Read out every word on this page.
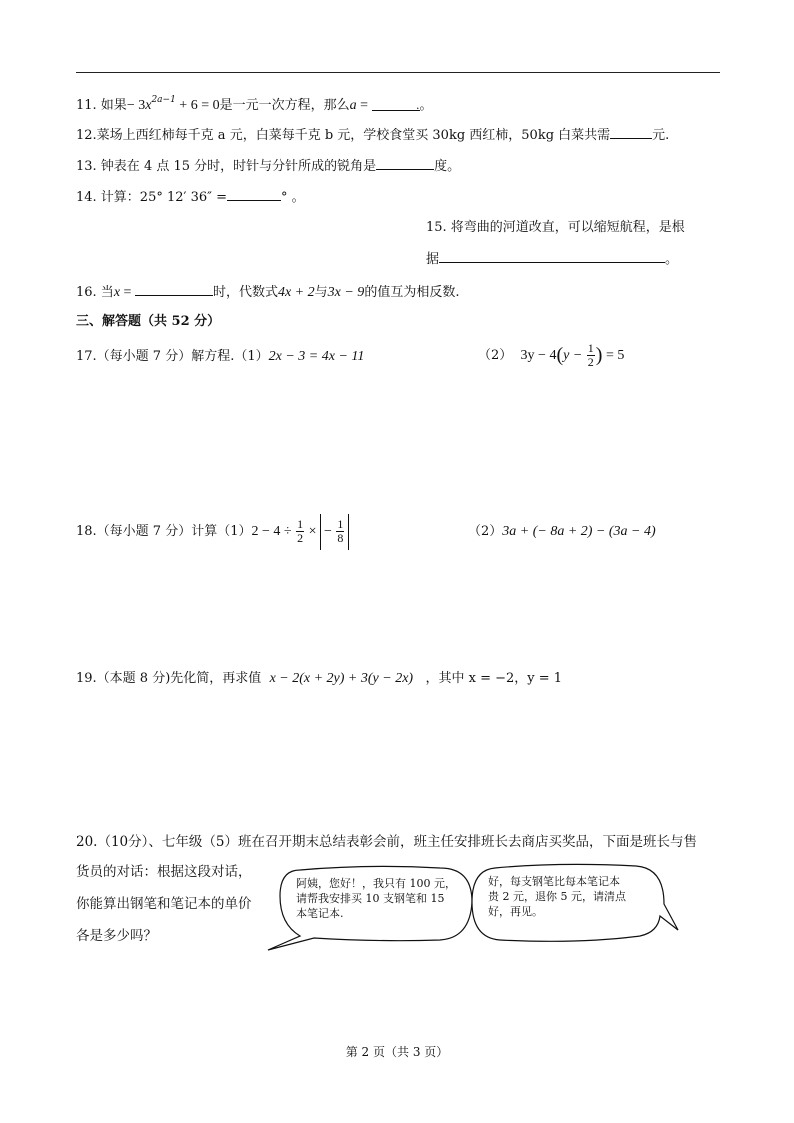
11. 如果− $3x^{2a-1} + 6 = 0$是一元一次方程，那么a =	.。
12.菜场上西红柿每千克 a 元，白菜每千克 b 元，学校食堂买 30kg 西红柿，50kg 白菜共需	元.
13. 钟表在 4 点 15 分时，时针与分针所成的锐角是	度。
14. 计算：25° 12′ 36″ =	° 。
15. 将弯曲的河道改直，可以缩短航程，是根
据	。
16. 当x =	时，代数式4x + 2与3x − 9的值互为相反数.
三、解答题（共 52 分）
17.（每小题 7 分）解方程.（1）2x − 3 = 4x − 11	（2） $3y - 4(y - \frac{1}{2}$ ) = 5
18.（每小题 7 分）计算$(1)2 - 4 \div \frac{1}{2}$ × − $\frac{1}{8}$	（2）3a + (− 8a + 2) − (3a − 4)
19.（本题 8 分)先化简，再求值 x − 2(x + 2y) + 3(y − 2x) ，其中 x = −2，y = 1
20.（10分）、七年级（5）班在召开期末总结表彰会前，班主任安排班长去商店买奖品，下面是班长与售
货员的对话：根据这段对话，
你能算出钢笔和笔记本的单价
各是多少吗？
阿姨，您好！，我只有 100 元，
请帮我安排买 10 支钢笔和 15
本笔记本.
好，每支钢笔比每本笔记本
贵 2 元，退你 5 元，请清点
好，再见。
第 2 页（共 3 页）
